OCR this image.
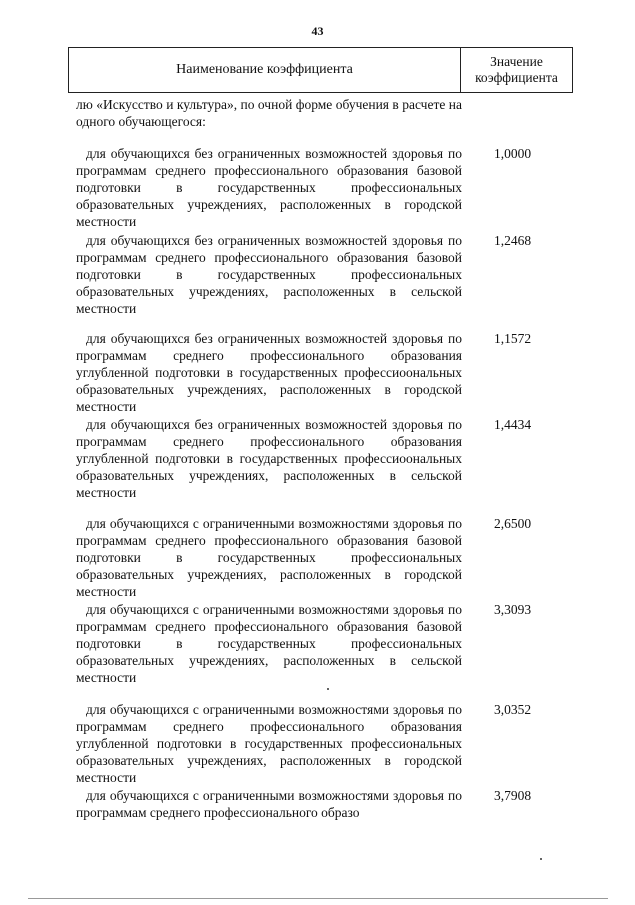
43
Наименование коэффициента
Значение коэффициента
лю «Искусство и культура», по очной форме обучения в расчете на одного обучающегося:
для обучающихся без ограниченных возможностей здоровья по программам среднего профессионального образования базовой подготовки в государственных профессиональных образовательных учреждениях, расположенных в городской местности
1,0000
для обучающихся без ограниченных возможностей здоровья по программам среднего профессионального образования базовой подготовки в государственных профессиональных образовательных учреждениях, расположенных в сельской местности
1,2468
для обучающихся без ограниченных возможностей здоровья по программам среднего профессионального образования углубленной подготовки в государственных профессиоональных образовательных учреждениях, расположенных в городской местности
1,1572
для обучающихся без ограниченных возможностей здоровья по программам среднего профессионального образования углубленной подготовки в государственных профессиоональных образовательных учреждениях, расположенных в сельской местности
1,4434
для обучающихся с ограниченными возможностями здоровья по программам среднего профессионального образования базовой подготовки в государственных профессиональных образовательных учреждениях, расположенных в городской местности
2,6500
для обучающихся с ограниченными возможностями здоровья по программам среднего профессионального образования базовой подготовки в государственных профессиональных образовательных учреждениях, расположенных в сельской местности
3,3093
для обучающихся с ограниченными возможностями здоровья по программам среднего профессионального образования углубленной подготовки в государственных профессиональных образовательных учреждениях, расположенных в городской местности
3,0352
для обучающихся с ограниченными возможностями здоровья по программам среднего профессионального образо
3,7908
